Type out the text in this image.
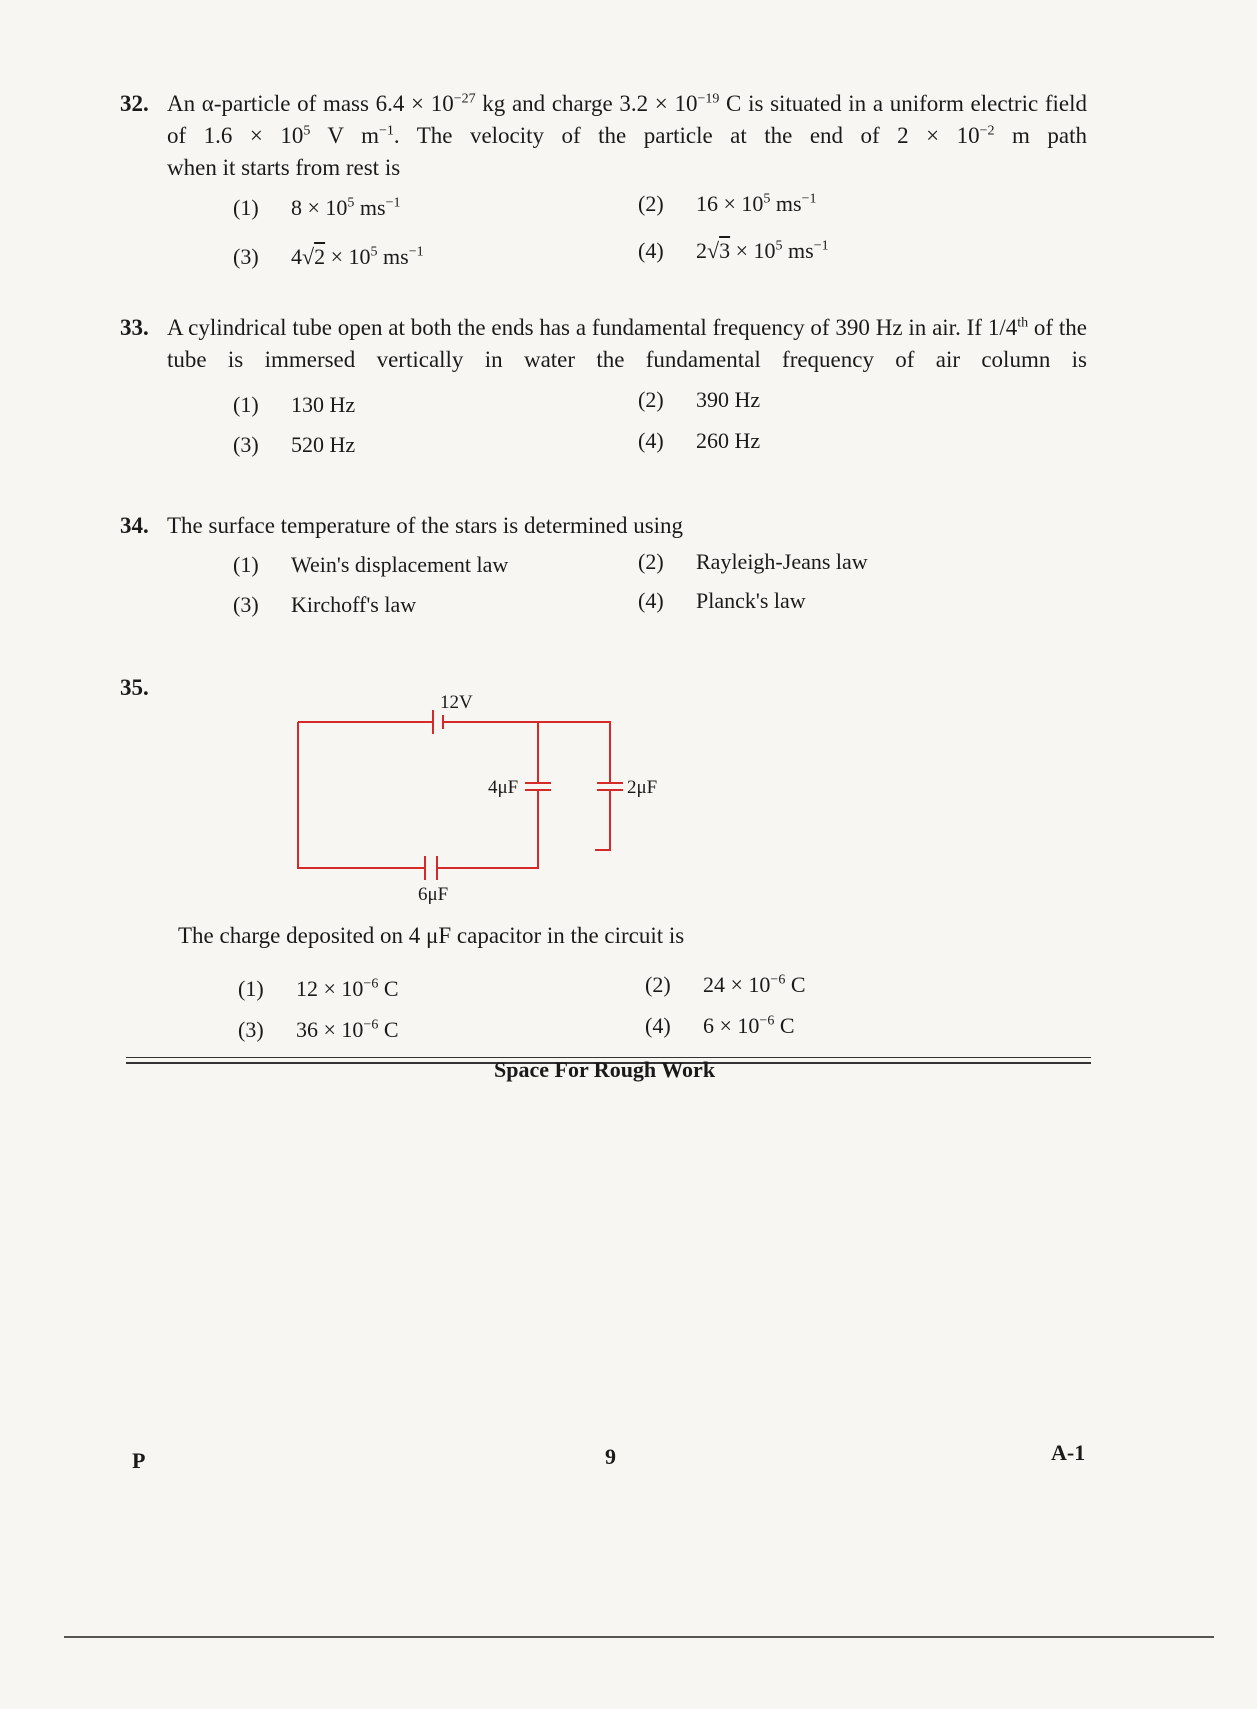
32. An α-particle of mass $6.4 \times 10^{-27}$ kg and charge $3.2 \times 10^{-19}$ C is situated in a uniform electric field of $1.6 \times 10^5$ V $m^{-1}$. The velocity of the particle at the end of $2 \times 10^{-2}$ m path
when it starts from rest is
(1) $8 \times 10^5$ $ms^{-1}$	(2) $16 \times 10^5$ $ms^{-1}$
(3) $4√2 \times 10^5$ $ms^{-1}$	(4) $2√3 \times 10^5$ $ms^{-1}$
33. A cylindrical tube open at both the ends has a fundamental frequency of 390 Hz in air. If 1/4th of the tube is immersed vertically in water the fundamental frequency of air column is
(1) 130 Hz	(2) 390 Hz
(3) 520 Hz	(4) 260 Hz
34. The surface temperature of the stars is determined using
(1) Wein's displacement law	(2) Rayleigh-Jeans law
(3) Kirchoff's law	(4) Planck's law
35.
12V
4μF	2μF
6μF
The charge deposited on 4 μF capacitor in the circuit is
(1) $12 \times 10^{-6}$ C	(2) $24 \times 10^{-6}$ C
(3) $36 \times 10^{-6}$ C	(4) $6 \times 10^{-6}$ C
Space For Rough Work
P	9	A-1
